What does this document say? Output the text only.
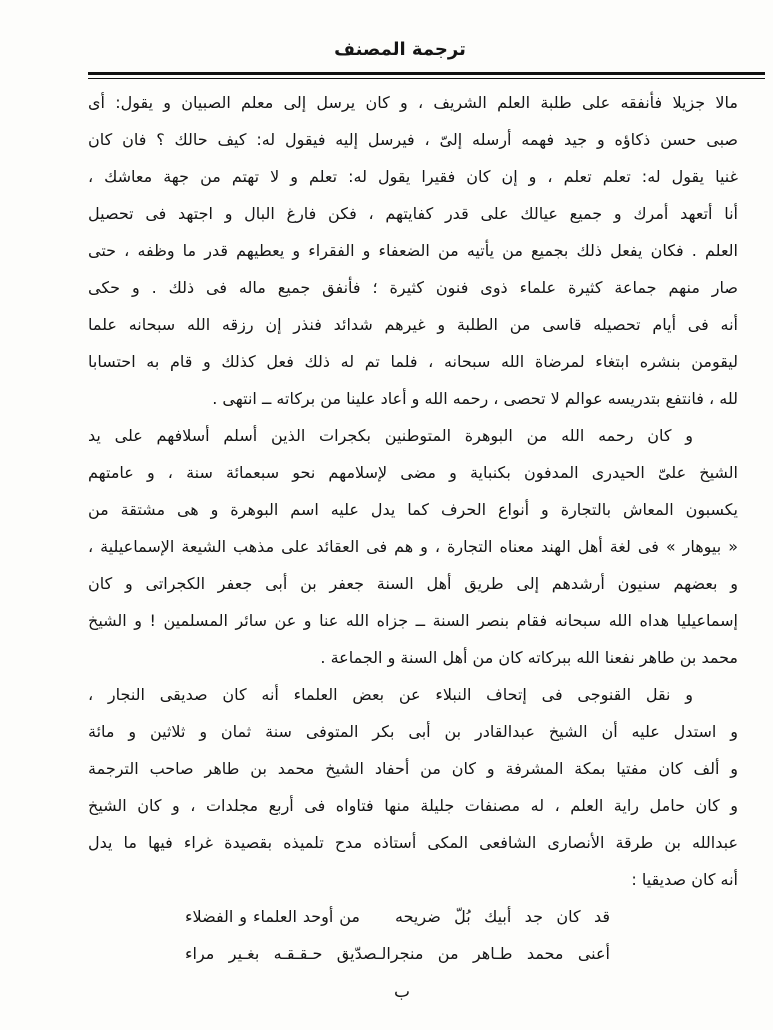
ترجمة المصنف
مالا جزيلا فأنفقه على طلبة العلم الشريف ، و كان يرسل إلى معلم الصبيان و يقول: أى
صبى حسن ذكاؤه و جيد فهمه أرسله إلىّ ، فيرسل إليه فيقول له: كيف حالك ؟ فان كان
غنيا يقول له: تعلم تعلم ، و إن كان فقيرا يقول له: تعلم و لا تهتم من جهة معاشك ،
أنا أتعهد أمرك و جميع عيالك على قدر كفايتهم ، فكن فارغ البال و اجتهد فى تحصيل
العلم . فكان يفعل ذلك بجميع من يأتيه من الضعفاء و الفقراء و يعطيهم قدر ما وظفه ، حتى
صار منهم جماعة كثيرة علماء ذوى فنون كثيرة ؛ فأنفق جميع ماله فى ذلك . و حكى
أنه فى أيام تحصيله قاسى من الطلبة و غيرهم شدائد فنذر إن رزقه الله سبحانه علما
ليقومن بنشره ابتغاء لمرضاة الله سبحانه ، فلما تم له ذلك فعل كذلك و قام به احتسابا
لله ، فانتفع بتدريسه عوالم لا تحصى ، رحمه الله و أعاد علينا من بركاته ــ انتهى .
و كان رحمه الله من البوهرة المتوطنين بكجرات الذين أسلم أسلافهم على يد
الشيخ علىّ الحيدرى المدفون بكنباية و مضى لإسلامهم نحو سبعمائة سنة ، و عامتهم
يكسبون المعاش بالتجارة و أنواع الحرف كما يدل عليه اسم البوهرة و هى مشتقة من
« بيوهار » فى لغة أهل الهند معناه التجارة ، و هم فى العقائد على مذهب الشيعة الإسماعيلية ،
و بعضهم سنيون أرشدهم إلى طريق أهل السنة جعفر بن أبى جعفر الكجراتى و كان
إسماعيليا هداه الله سبحانه فقام بنصر السنة ــ جزاه الله عنا و عن سائر المسلمين ! و الشيخ
محمد بن طاهر نفعنا الله ببركاته كان من أهل السنة و الجماعة .
و نقل القنوجى فى إتحاف النبلاء عن بعض العلماء أنه كان صديقى النجار ،
و استدل عليه أن الشيخ عبدالقادر بن أبى بكر المتوفى سنة ثمان و ثلاثين و مائة
و ألف كان مفتيا بمكة المشرفة و كان من أحفاد الشيخ محمد بن طاهر صاحب الترجمة
و كان حامل راية العلم ، له مصنفات جليلة منها فتاواه فى أربع مجلدات ، و كان الشيخ
عبدالله بن طرقة الأنصارى الشافعى المكى أستاذه مدح تلميذه بقصيدة غراء فيها ما يدل
أنه كان صديقيا :
قد كان جد أبيك بُلّ ضريحه
من أوحد العلماء و الفضلاء
أعنى محمد طـاهر من منجرالـصدّيق حـقـقـه بغـير مراء
ب
